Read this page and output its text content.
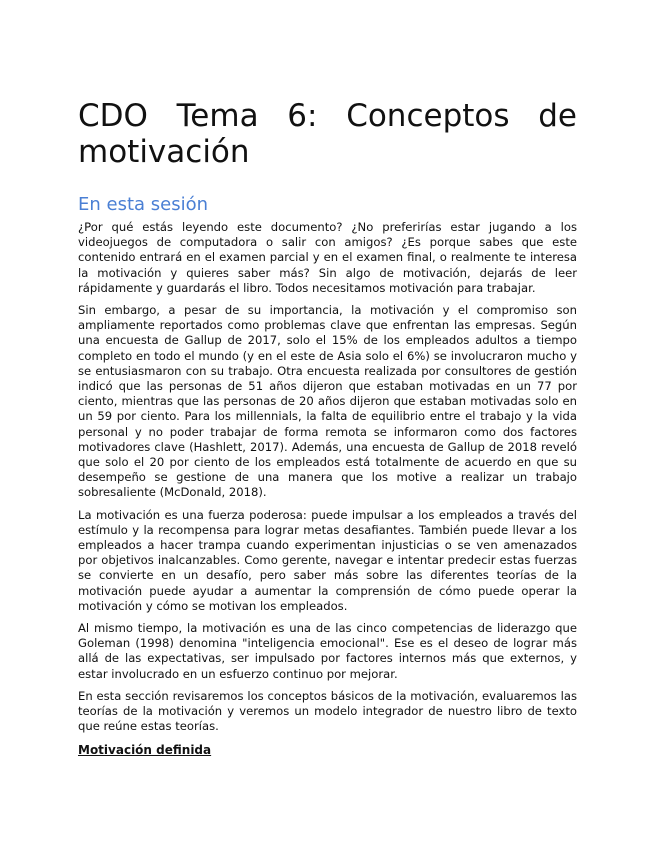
CDO Tema 6: Conceptos de
motivación
En esta sesión

¿Por qué estás leyendo este documento? ¿No preferirías estar jugando a los videojuegos de computadora o salir con amigos? ¿Es porque sabes que este contenido entrará en el examen parcial y en el examen final, o realmente te interesa la motivación y quieres saber más? Sin algo de motivación, dejarás de leer rápidamente y guardarás el libro. Todos necesitamos motivación para trabajar.

Sin embargo, a pesar de su importancia, la motivación y el compromiso son ampliamente reportados como problemas clave que enfrentan las empresas. Según una encuesta de Gallup de 2017, solo el 15% de los empleados adultos a tiempo completo en todo el mundo (y en el este de Asia solo el 6%) se involucraron mucho y se entusiasmaron con su trabajo. Otra encuesta realizada por consultores de gestión indicó que las personas de 51 años dijeron que estaban motivadas en un 77 por ciento, mientras que las personas de 20 años dijeron que estaban motivadas solo en un 59 por ciento. Para los millennials, la falta de equilibrio entre el trabajo y la vida personal y no poder trabajar de forma remota se informaron como dos factores motivadores clave (Hashlett, 2017). Además, una encuesta de Gallup de 2018 reveló que solo el 20 por ciento de los empleados está totalmente de acuerdo en que su desempeño se gestione de una manera que los motive a realizar un trabajo sobresaliente (McDonald, 2018).

La motivación es una fuerza poderosa: puede impulsar a los empleados a través del estímulo y la recompensa para lograr metas desafiantes. También puede llevar a los empleados a hacer trampa cuando experimentan injusticias o se ven amenazados por objetivos inalcanzables. Como gerente, navegar e intentar predecir estas fuerzas se convierte en un desafío, pero saber más sobre las diferentes teorías de la motivación puede ayudar a aumentar la comprensión de cómo puede operar la motivación y cómo se motivan los empleados.

Al mismo tiempo, la motivación es una de las cinco competencias de liderazgo que Goleman (1998) denomina "inteligencia emocional". Ese es el deseo de lograr más allá de las expectativas, ser impulsado por factores internos más que externos, y estar involucrado en un esfuerzo continuo por mejorar.

En esta sección revisaremos los conceptos básicos de la motivación, evaluaremos las teorías de la motivación y veremos un modelo integrador de nuestro libro de texto que reúne estas teorías.

Motivación definida
